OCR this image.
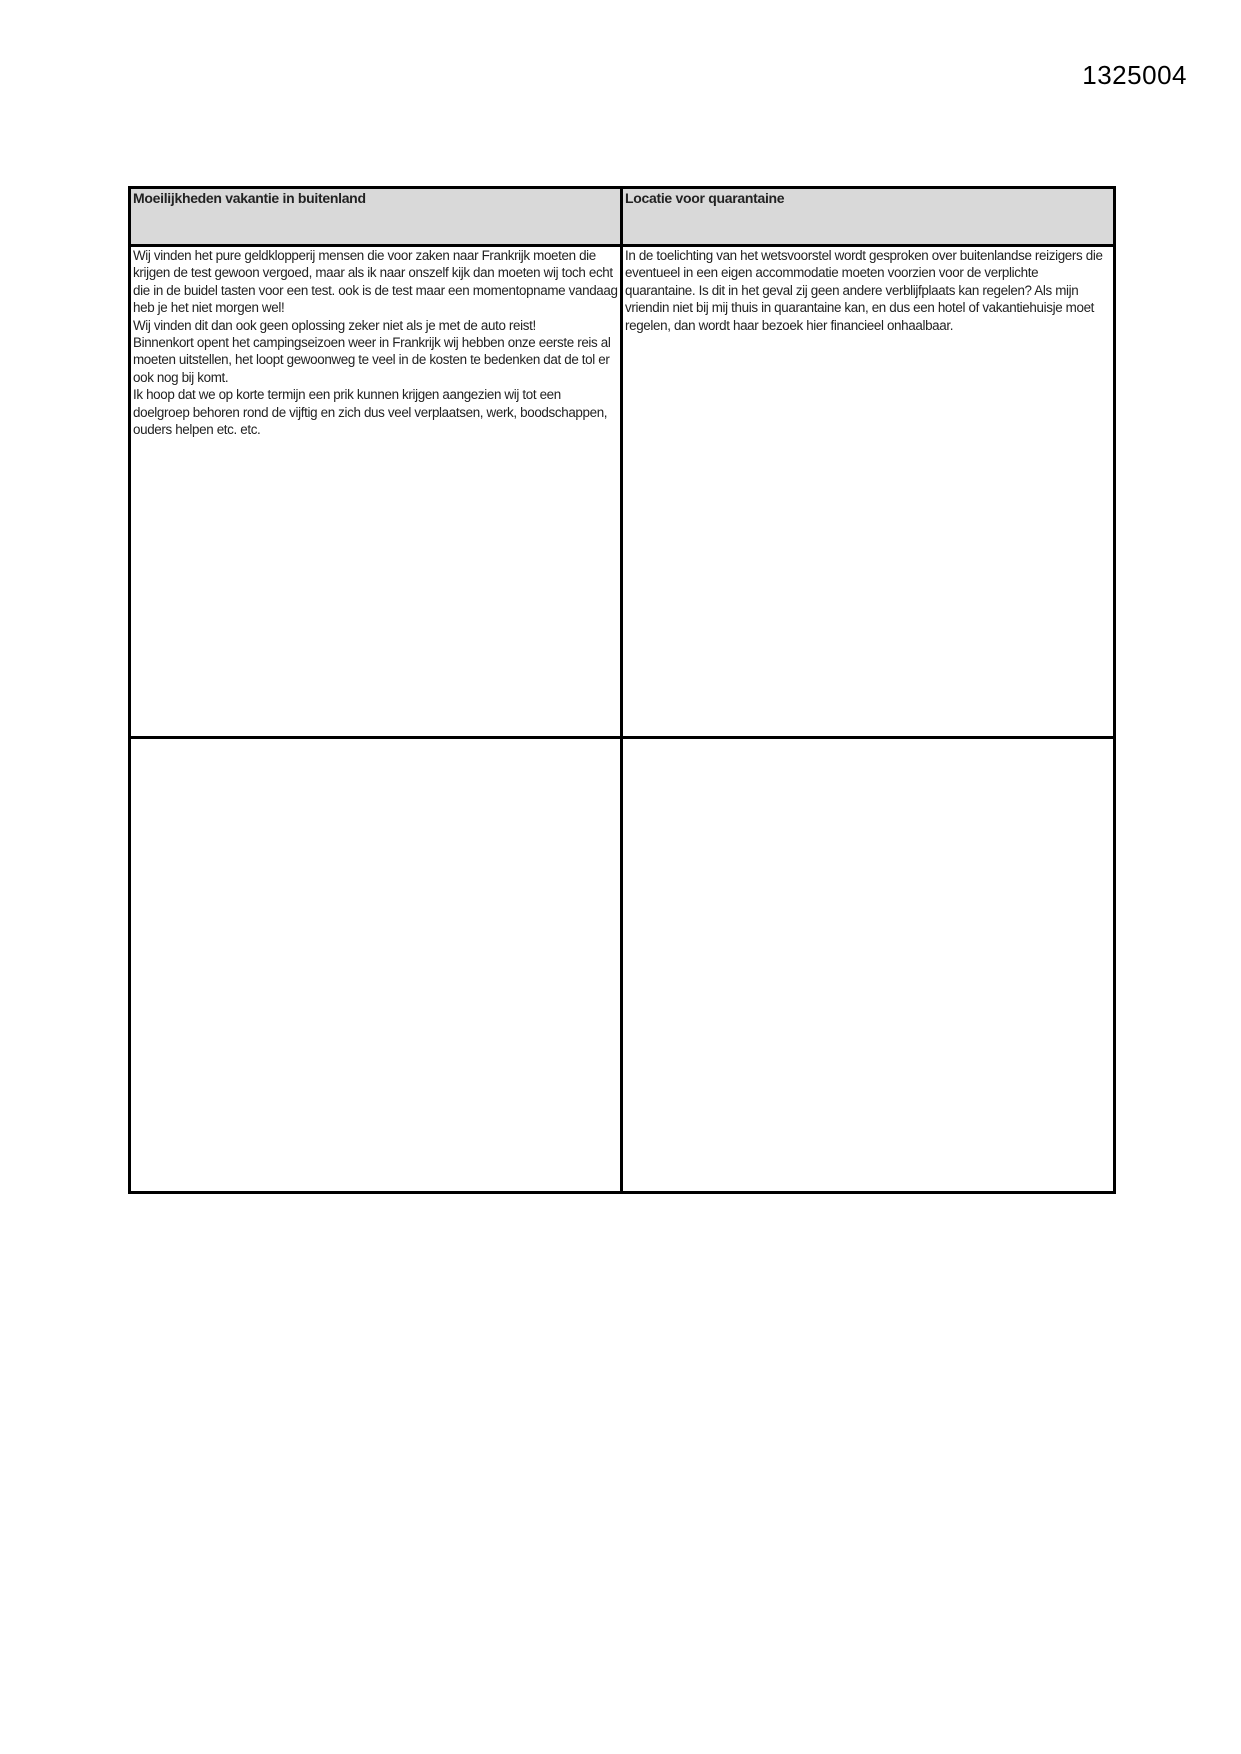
1325004
Moeilijkheden vakantie in buitenland	Locatie voor quarantaine

Wij vinden het pure geldklopperij mensen die voor zaken naar Frankrijk moeten die krijgen de test gewoon vergoed, maar als ik naar onszelf kijk dan moeten wij toch echt die in de buidel tasten voor een test. ook is de test maar een momentopname vandaag heb je het niet morgen wel!

Wij vinden dit dan ook geen oplossing zeker niet als je met de auto reist!

Binnenkort opent het campingseizoen weer in Frankrijk wij hebben onze eerste reis al moeten uitstellen, het loopt gewoonweg te veel in de kosten te bedenken dat de tol er ook nog bij komt.

Ik hoop dat we op korte termijn een prik kunnen krijgen aangezien wij tot een doelgroep behoren rond de vijftig en zich dus veel verplaatsen, werk, boodschappen, ouders helpen etc. etc.

In de toelichting van het wetsvoorstel wordt gesproken over buitenlandse reizigers die eventueel in een eigen accommodatie moeten voorzien voor de verplichte quarantaine. Is dit in het geval zij geen andere verblijfplaats kan regelen? Als mijn vriendin niet bij mij thuis in quarantaine kan, en dus een hotel of vakantiehuisje moet regelen, dan wordt haar bezoek hier financieel onhaalbaar.
